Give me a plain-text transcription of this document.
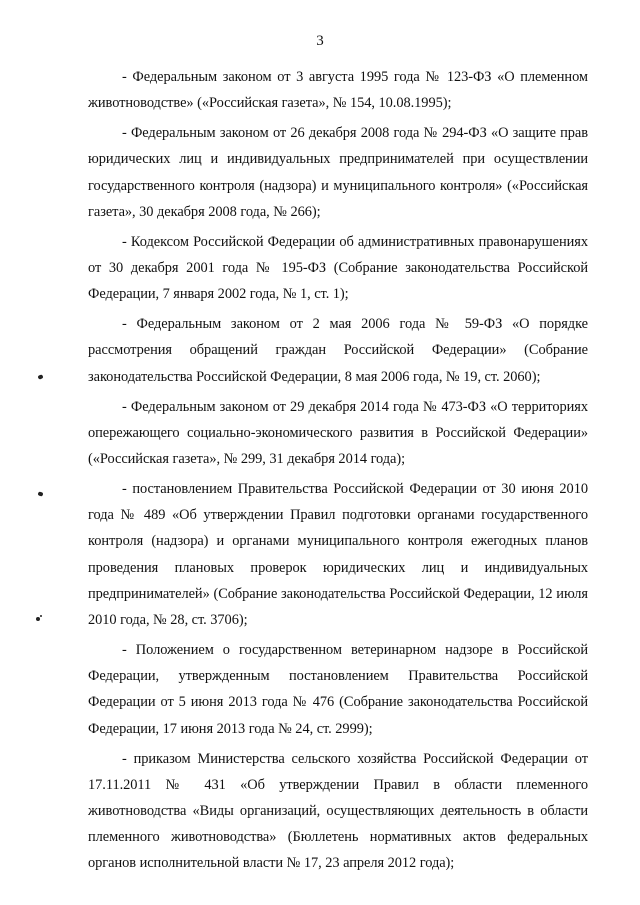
3

- Федеральным законом от 3 августа 1995 года № 123-ФЗ «О племенном животноводстве» («Российская газета», № 154, 10.08.1995);

- Федеральным законом от 26 декабря 2008 года № 294-ФЗ «О защите прав юридических лиц и индивидуальных предпринимателей при осуществлении государственного контроля (надзора) и муниципального контроля» («Российская газета», 30 декабря 2008 года, № 266);

- Кодексом Российской Федерации об административных правонарушениях от 30 декабря 2001 года № 195-ФЗ (Собрание законодательства Российской Федерации, 7 января 2002 года, № 1, ст. 1);

- Федеральным законом от 2 мая 2006 года № 59-ФЗ «О порядке рассмотрения обращений граждан Российской Федерации» (Собрание законодательства Российской Федерации, 8 мая 2006 года, № 19, ст. 2060);

- Федеральным законом от 29 декабря 2014 года № 473-ФЗ «О территориях опережающего социально-экономического развития в Российской Федерации» («Российская газета», № 299, 31 декабря 2014 года);

- постановлением Правительства Российской Федерации от 30 июня 2010 года № 489 «Об утверждении Правил подготовки органами государственного контроля (надзора) и органами муниципального контроля ежегодных планов проведения плановых проверок юридических лиц и индивидуальных предпринимателей» (Собрание законодательства Российской Федерации, 12 июля 2010 года, № 28, ст. 3706);

- Положением о государственном ветеринарном надзоре в Российской Федерации, утвержденным постановлением Правительства Российской Федерации от 5 июня 2013 года № 476 (Собрание законодательства Российской Федерации, 17 июня 2013 года № 24, ст. 2999);

- приказом Министерства сельского хозяйства Российской Федерации от 17.11.2011 № 431 «Об утверждении Правил в области племенного животноводства «Виды организаций, осуществляющих деятельность в области племенного животноводства» (Бюллетень нормативных актов федеральных органов исполнительной власти № 17, 23 апреля 2012 года);
